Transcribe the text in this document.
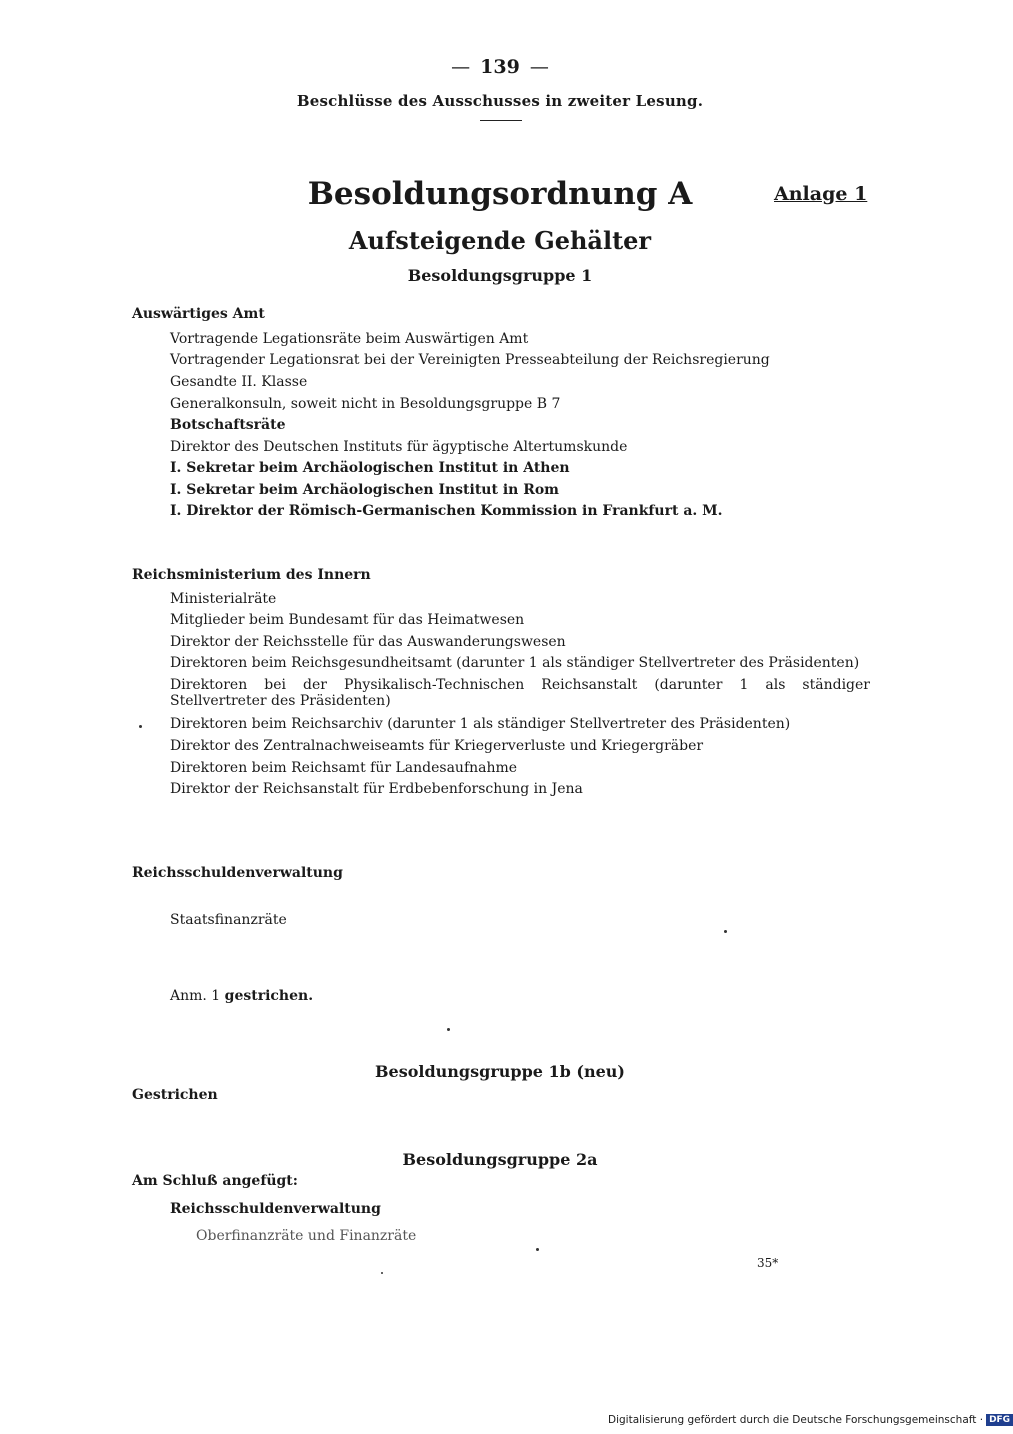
— 139 —
Beschlüsse des Ausschusses in zweiter Lesung.
Besoldungsordnung A	Anlage 1
Aufsteigende Gehälter
Besoldungsgruppe 1
Auswärtiges Amt
Vortragende Legationsräte beim Auswärtigen Amt
Vortragender Legationsrat bei der Vereinigten Presseabteilung der Reichsregierung
Gesandte II. Klasse
Generalkonsuln, soweit nicht in Besoldungsgruppe B 7
Botschaftsräte
Direktor des Deutschen Instituts für ägyptische Altertumskunde
I. Sekretar beim Archäologischen Institut in Athen
I. Sekretar beim Archäologischen Institut in Rom
I. Direktor der Römisch-Germanischen Kommission in Frankfurt a. M.
Reichsministerium des Innern
Ministerialräte
Mitglieder beim Bundesamt für das Heimatwesen
Direktor der Reichsstelle für das Auswanderungswesen
Direktoren beim Reichsgesundheitsamt (darunter 1 als ständiger Stellvertreter des Präsidenten)
Direktoren bei der Physikalisch-Technischen Reichsanstalt (darunter 1 als ständiger Stellvertreter des Präsidenten)
Direktoren beim Reichsarchiv (darunter 1 als ständiger Stellvertreter des Präsidenten)
Direktor des Zentralnachweiseamts für Kriegerverluste und Kriegergräber
Direktoren beim Reichsamt für Landesaufnahme
Direktor der Reichsanstalt für Erdbebenforschung in Jena
Reichsschuldenverwaltung
Staatsfinanzräte
Anm. 1 gestrichen.
Besoldungsgruppe 1b (neu)
Gestrichen
Besoldungsgruppe 2a
Am Schluß angefügt:
Reichsschuldenverwaltung
Oberfinanzräte und Finanzräte
35*
Digitalisierung gefördert durch die Deutsche Forschungsgemeinschaft · DFG
